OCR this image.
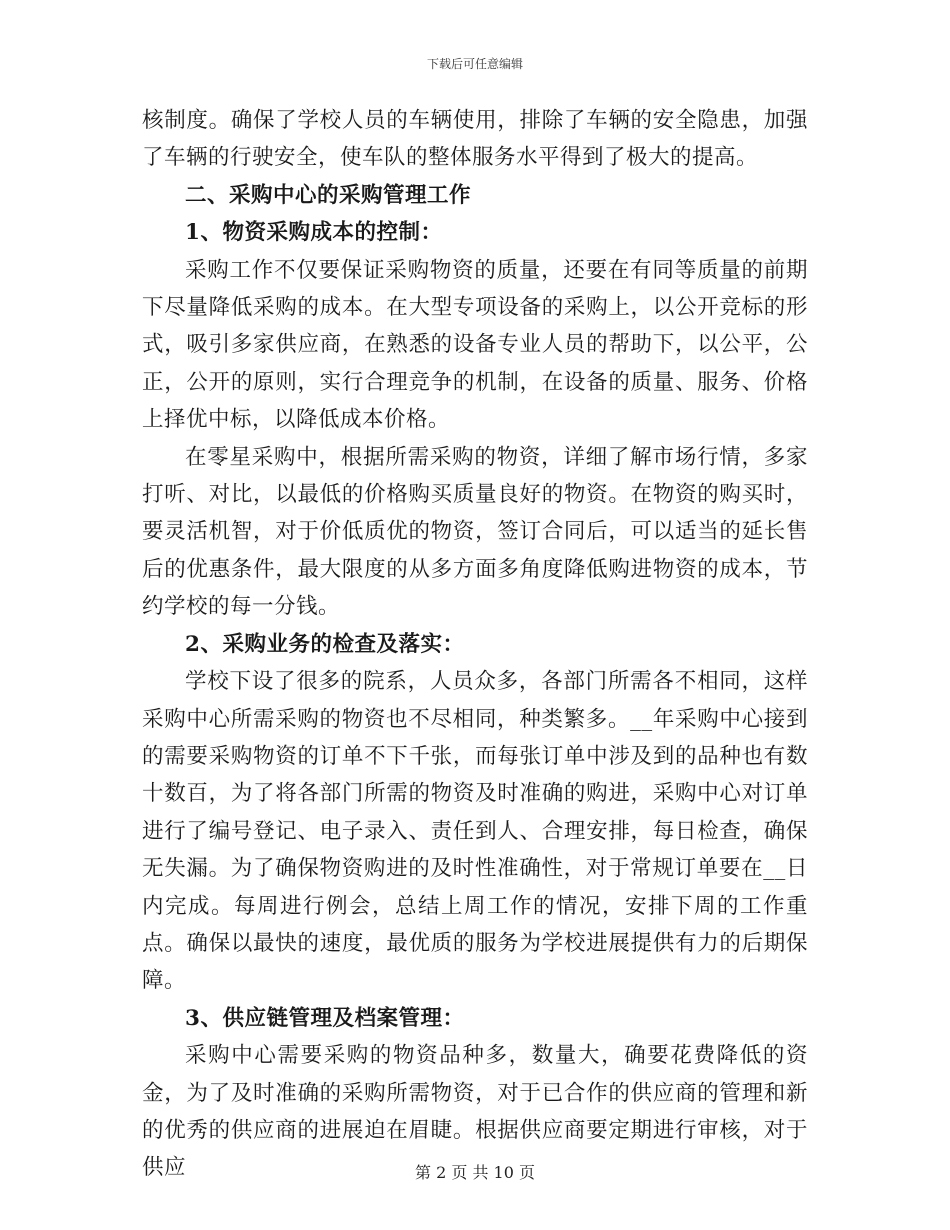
下载后可任意编辑

核制度。确保了学校人员的车辆使用，排除了车辆的安全隐患，加强了车辆的行驶安全，使车队的整体服务水平得到了极大的提高。

二、采购中心的采购管理工作

1、物资采购成本的控制：

采购工作不仅要保证采购物资的质量，还要在有同等质量的前期下尽量降低采购的成本。在大型专项设备的采购上，以公开竞标的形式，吸引多家供应商，在熟悉的设备专业人员的帮助下，以公平，公正，公开的原则，实行合理竞争的机制，在设备的质量、服务、价格上择优中标，以降低成本价格。

在零星采购中，根据所需采购的物资，详细了解市场行情，多家打听、对比，以最低的价格购买质量良好的物资。在物资的购买时，要灵活机智，对于价低质优的物资，签订合同后，可以适当的延长售后的优惠条件，最大限度的从多方面多角度降低购进物资的成本，节约学校的每一分钱。

2、采购业务的检查及落实：

学校下设了很多的院系，人员众多，各部门所需各不相同，这样采购中心所需采购的物资也不尽相同，种类繁多。__年采购中心接到的需要采购物资的订单不下千张，而每张订单中涉及到的品种也有数十数百，为了将各部门所需的物资及时准确的购进，采购中心对订单进行了编号登记、电子录入、责任到人、合理安排，每日检查，确保无失漏。为了确保物资购进的及时性准确性，对于常规订单要在__日内完成。每周进行例会，总结上周工作的情况，安排下周的工作重点。确保以最快的速度，最优质的服务为学校进展提供有力的后期保障。

3、供应链管理及档案管理：

采购中心需要采购的物资品种多，数量大，确要花费降低的资金，为了及时准确的采购所需物资，对于已合作的供应商的管理和新的优秀的供应商的进展迫在眉睫。根据供应商要定期进行审核，对于供应	第 2 页 共 10 页
